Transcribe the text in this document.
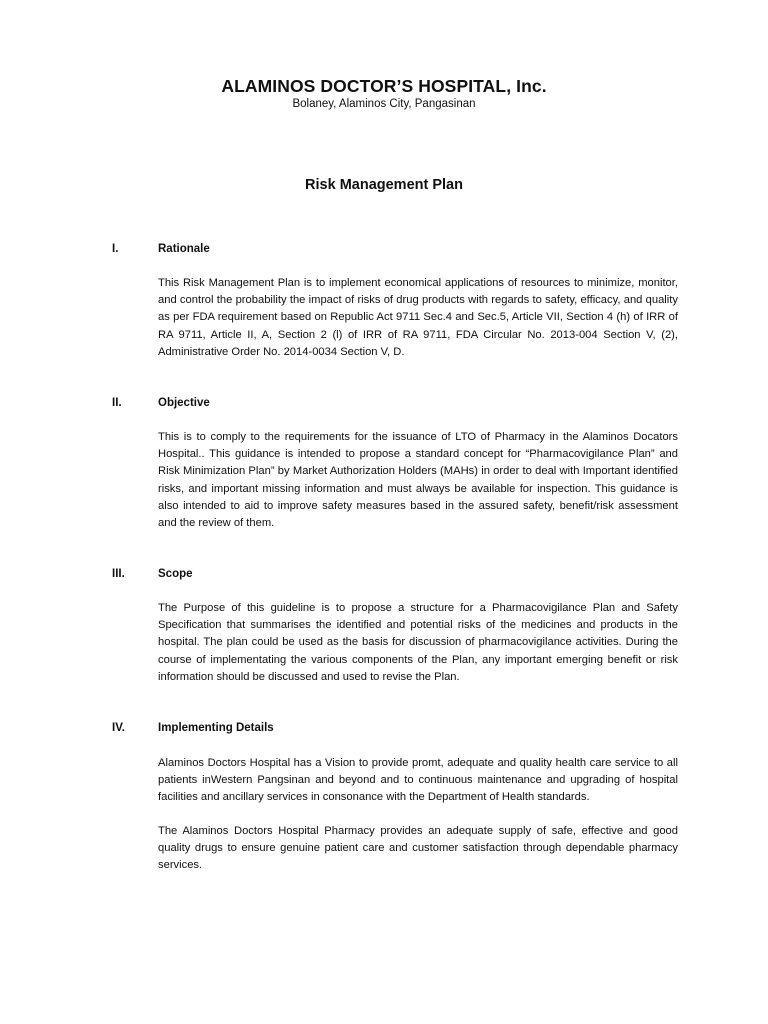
ALAMINOS DOCTOR’S HOSPITAL, Inc.
Bolaney, Alaminos City, Pangasinan
Risk Management Plan
I.	Rationale

This Risk Management Plan is to implement economical applications of resources to minimize, monitor, and control the probability the impact of risks of drug products with regards to safety, efficacy, and quality as per FDA requirement based on Republic Act 9711 Sec.4 and Sec.5, Article VII, Section 4 (h) of IRR of RA 9711, Article II, A, Section 2 (l) of IRR of RA 9711, FDA Circular No. 2013-004 Section V, (2), Administrative Order No. 2014-0034 Section V, D.

II.	Objective

This is to comply to the requirements for the issuance of LTO of Pharmacy in the Alaminos Docators Hospital.. This guidance is intended to propose a standard concept for “Pharmacovigilance Plan” and Risk Minimization Plan” by Market Authorization Holders (MAHs) in order to deal with Important identified risks, and important missing information and must always be available for inspection. This guidance is also intended to aid to improve safety measures based in the assured safety, benefit/risk assessment and the review of them.

III.	Scope

The Purpose of this guideline is to propose a structure for a Pharmacovigilance Plan and Safety Specification that summarises the identified and potential risks of the medicines and products in the hospital. The plan could be used as the basis for discussion of pharmacovigilance activities. During the course of implementating the various components of the Plan, any important emerging benefit or risk information should be discussed and used to revise the Plan.

IV.	Implementing Details

Alaminos Doctors Hospital has a Vision to provide promt, adequate and quality health care service to all patients inWestern Pangsinan and beyond and to continuous maintenance and upgrading of hospital facilities and ancillary services in consonance with the Department of Health standards.

The Alaminos Doctors Hospital Pharmacy provides an adequate supply of safe, effective and good quality drugs to ensure genuine patient care and customer satisfaction through dependable pharmacy services.
